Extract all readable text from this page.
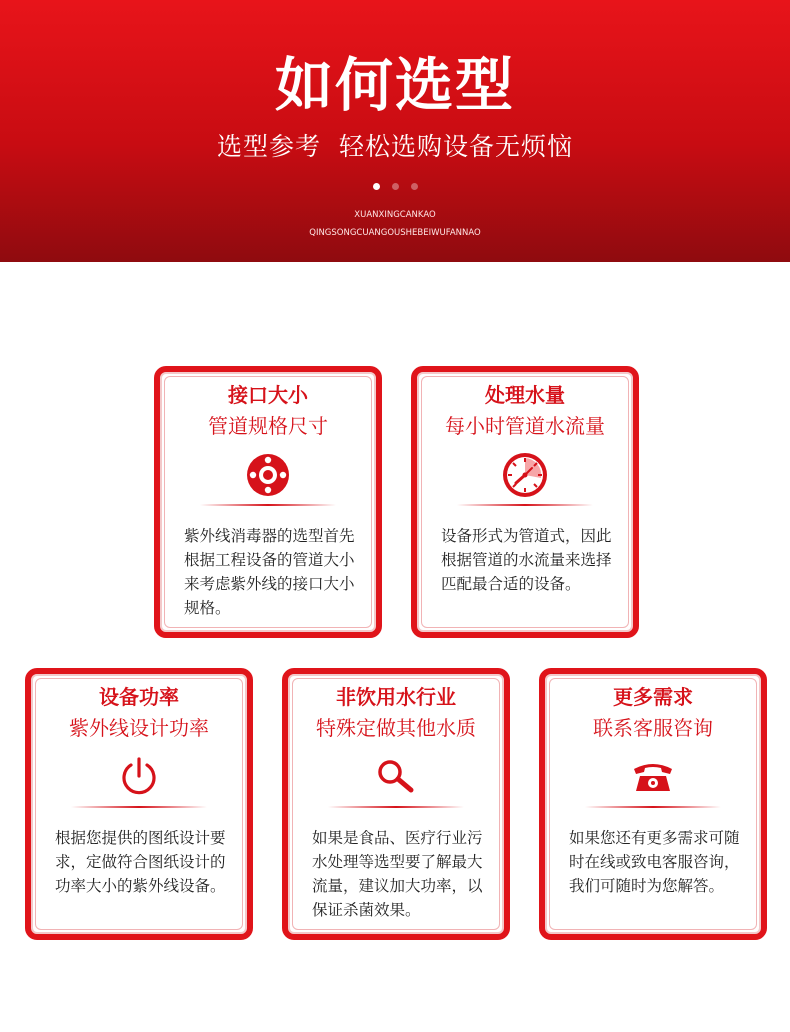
如何选型
选型参考  轻松选购设备无烦恼
XUANXINGCANKAO
QINGSONGCUANGOUSHEBEIWUFANNAO
接口大小
管道规格尺寸
紫外线消毒器的选型首先根据工程设备的管道大小来考虑紫外线的接口大小规格。
处理水量
每小时管道水流量
设备形式为管道式，因此根据管道的水流量来选择匹配最合适的设备。
设备功率
紫外线设计功率
根据您提供的图纸设计要求，定做符合图纸设计的功率大小的紫外线设备。
非饮用水行业
特殊定做其他水质
如果是食品、医疗行业污水处理等选型要了解最大流量，建议加大功率，以保证杀菌效果。
更多需求
联系客服咨询
如果您还有更多需求可随时在线或致电客服咨询，我们可随时为您解答。
